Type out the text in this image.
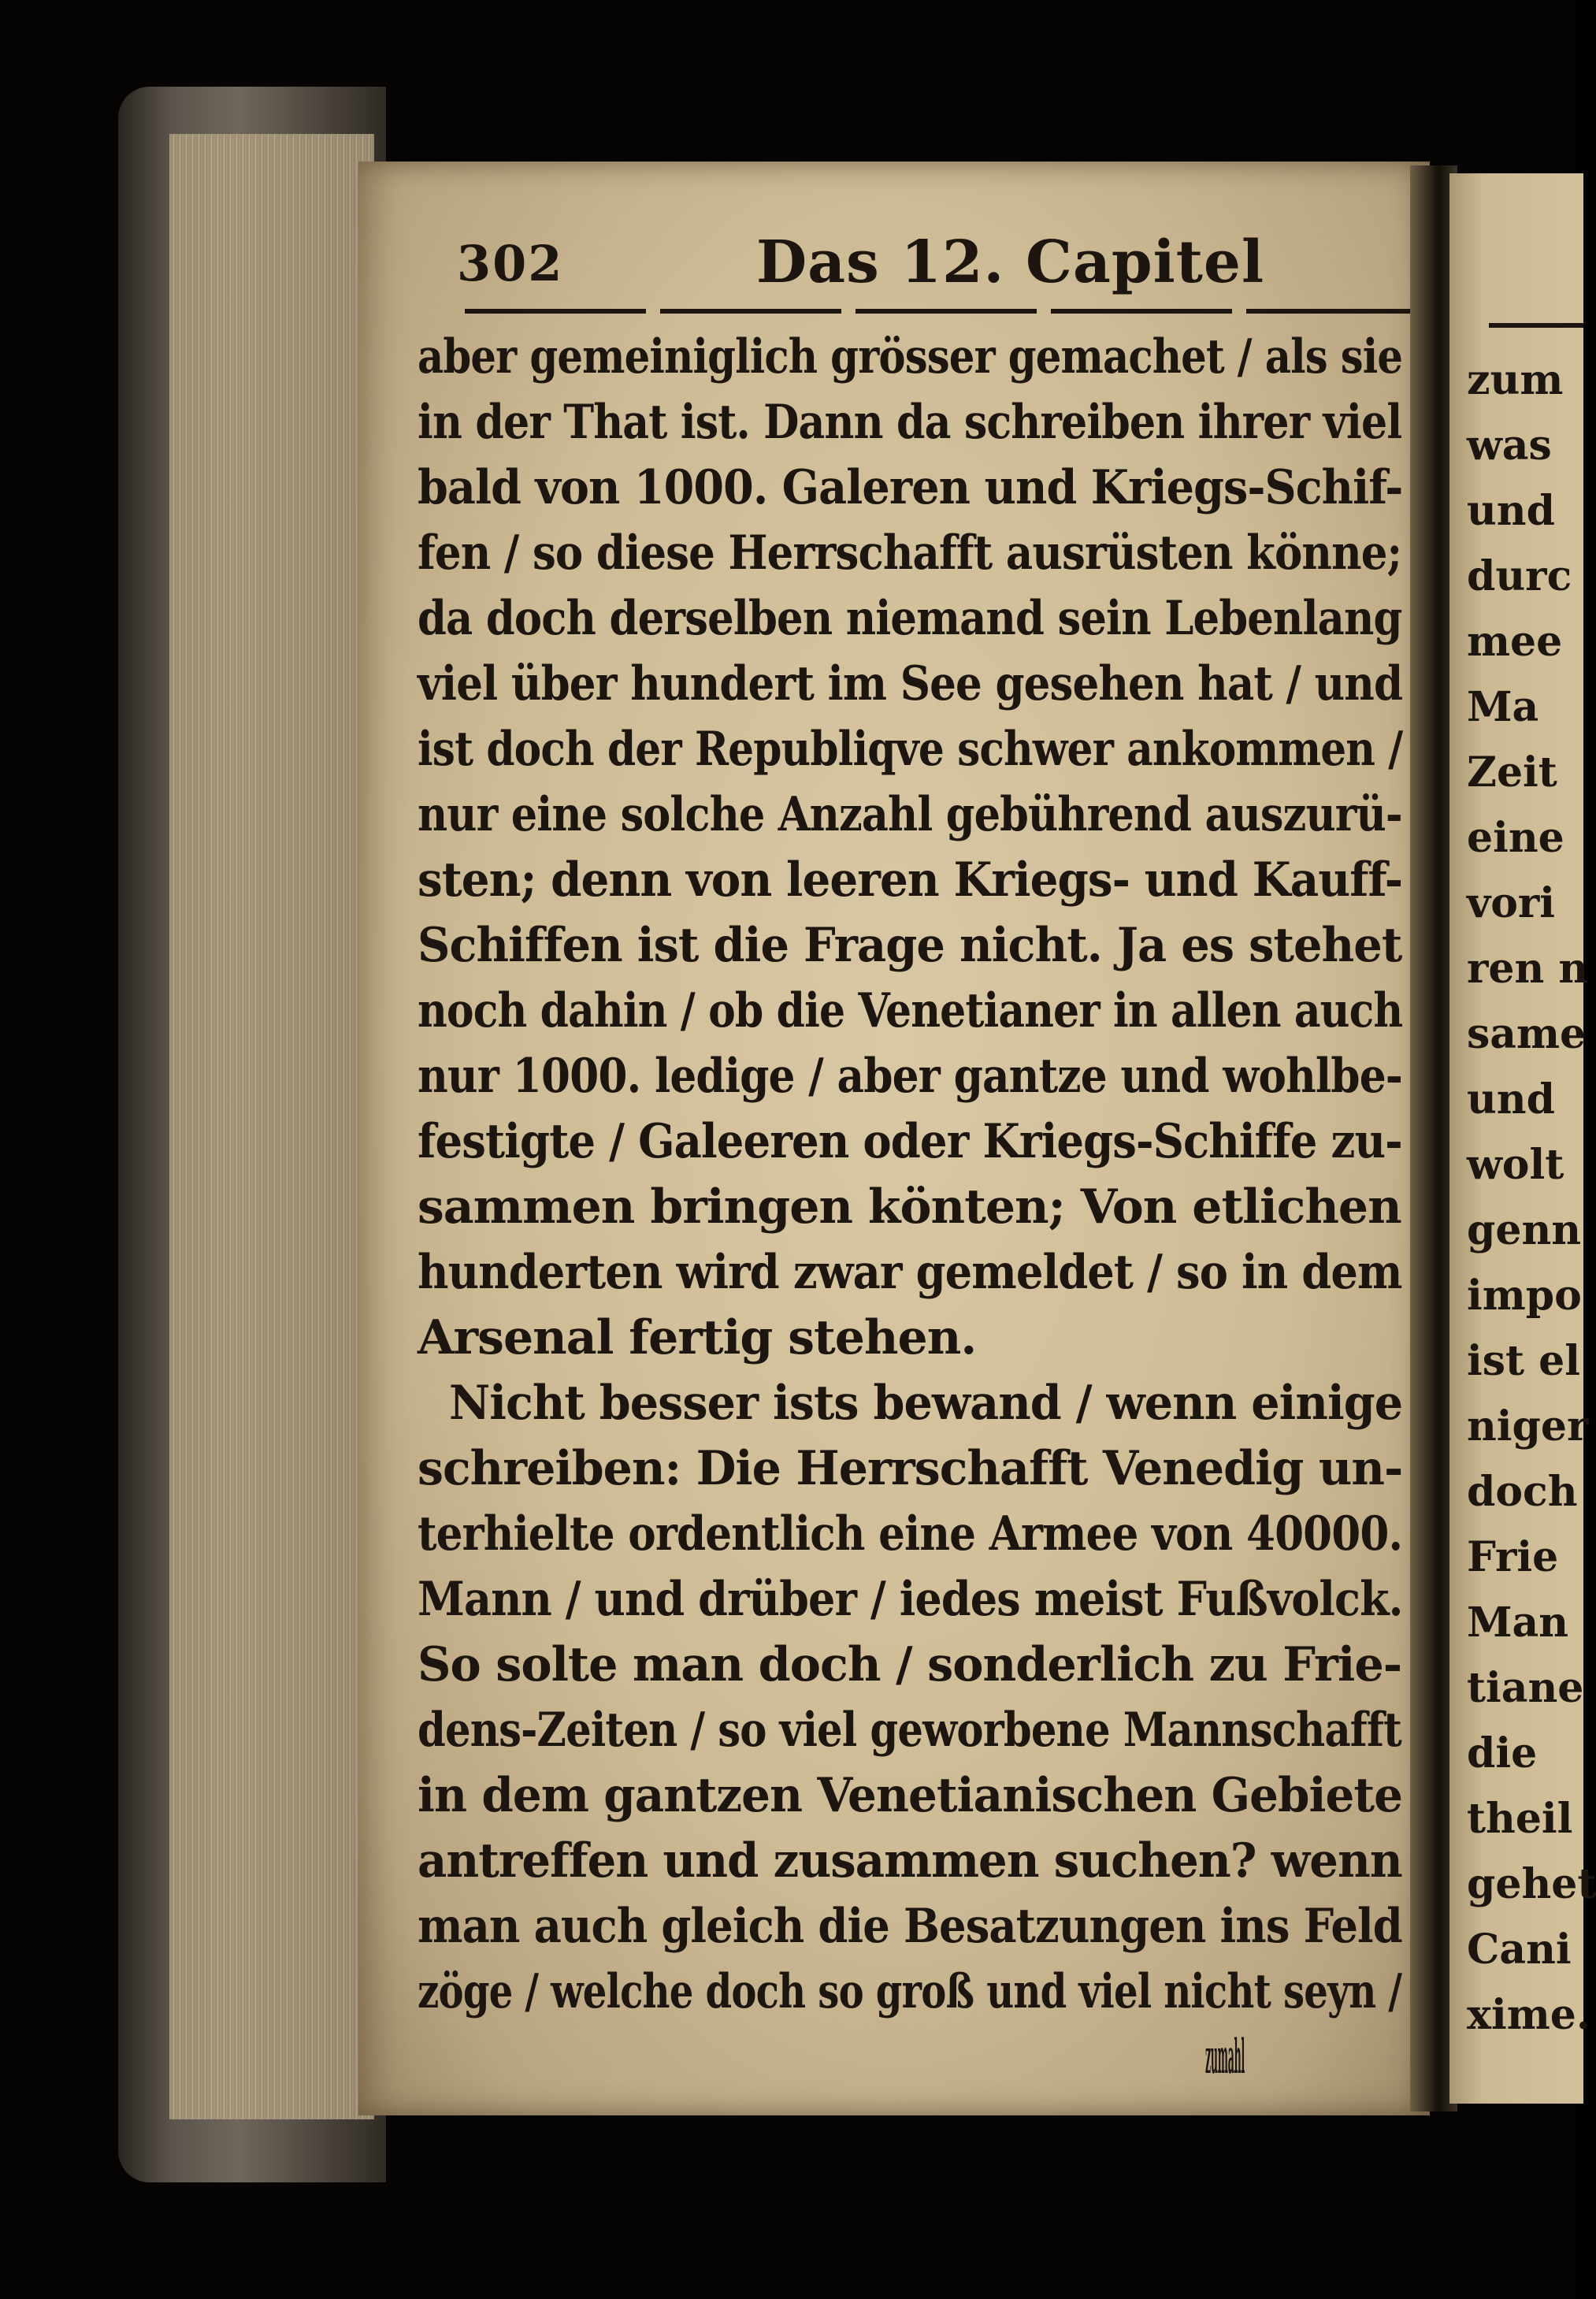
302	Das 12. Capitel
aber gemeiniglich grösser gemachet / als sie
in der That ist. Dann da schreiben ihrer viel
bald von 1000. Galeren und Kriegs-Schif-
fen / so diese Herrschafft ausrüsten könne;
da doch derselben niemand sein Lebenlang
viel über hundert im See gesehen hat / und
ist doch der Republiqve schwer ankommen /
nur eine solche Anzahl gebührend auszurü-
sten; denn von leeren Kriegs- und Kauff-
Schiffen ist die Frage nicht. Ja es stehet
noch dahin / ob die Venetianer in allen auch
nur 1000. ledige / aber gantze und wohlbe-
festigte / Galeeren oder Kriegs-Schiffe zu-
sammen bringen könten; Von etlichen
hunderten wird zwar gemeldet / so in dem
Arsenal fertig stehen.
Nicht besser ists bewand / wenn einige
schreiben: Die Herrschafft Venedig un-
terhielte ordentlich eine Armee von 40000.
Mann / und drüber / iedes meist Fußvolck.
So solte man doch / sonderlich zu Frie-
dens-Zeiten / so viel geworbene Mannschafft
in dem gantzen Venetianischen Gebiete
antreffen und zusammen suchen? wenn
man auch gleich die Besatzungen ins Feld
zöge / welche doch so groß und viel nicht seyn /
zumahl
zum
was
und
durc
mee
Ma
Zeit
eine
vori
ren n
same
und
wolt
genn
impo
ist el
niger
doch
Frie
Man
tiane
die
theil
gehet
Cani
xime.
